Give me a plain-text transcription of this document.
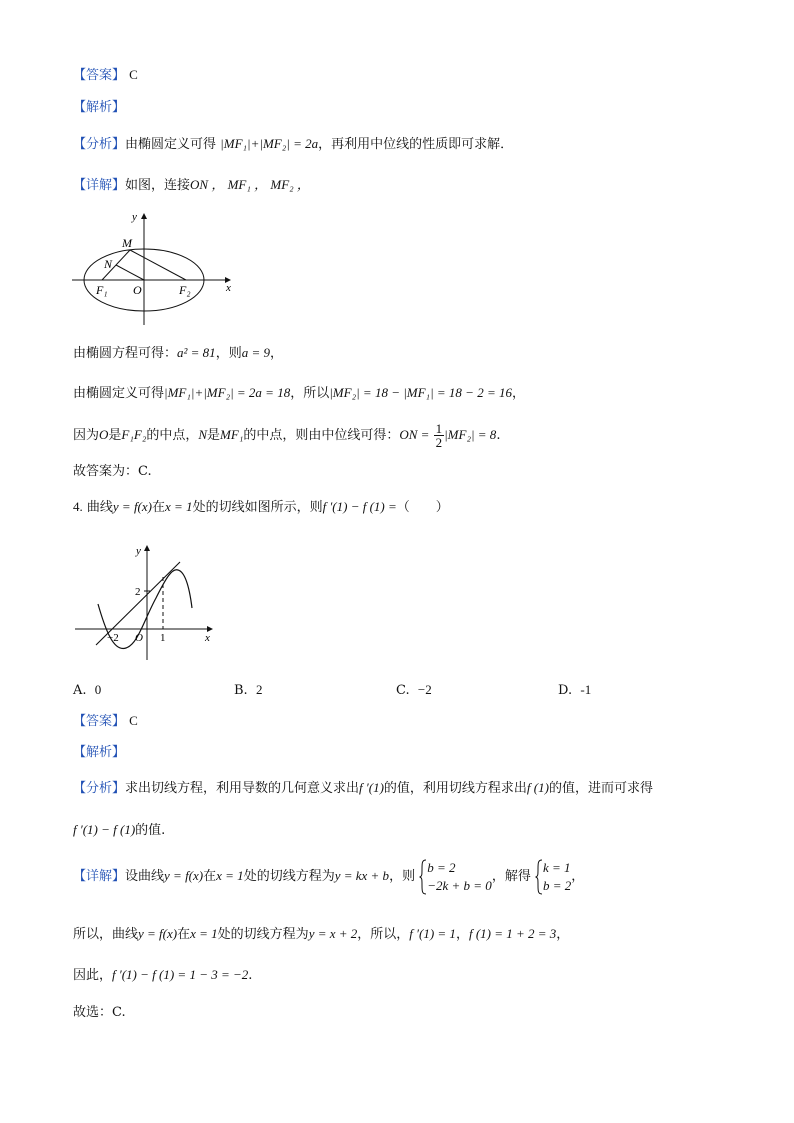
【答案】 C
【解析】
【分析】由椭圆定义可得 |MF₁|+|MF₂| = 2a，再利用中位线的性质即可求解．
【详解】如图，连接ON ， MF₁ ， MF₂ ，
y
x
M
N
F₁ O	F₂
由椭圆方程可得：a² = 81，则a = 9，
由椭圆定义可得|MF₁|+|MF₂| = 2a = 18，所以|MF₂| = 18 − |MF₁| = 18 − 2 = 16，
因为O是F₁F₂的中点，N是MF₁的中点，则由中位线可得：ON = $\frac{1}{2} |MF_2| = 8$.
故答案为：C.
4. 曲线y = f(x)在x = 1处的切线如图所示，则f ′(1) − f (1) =（　　）
y
x
2
−2 O 1
A. 0	B. 2	C. −2	D. -1
【答案】 C
【解析】
【分析】求出切线方程，利用导数的几何意义求出f ′(1)的值，利用切线方程求出f (1)的值，进而可求得
f ′(1) − f (1)的值.
【详解】设曲线y = f(x)在x = 1处的切线方程为y = kx + b，则
b = 2
−2k + b = 0
，解得
k = 1
b = 2
，
所以，曲线y = f(x)在x = 1处的切线方程为y = x + 2，所以，f ′(1) = 1，f (1) = 1 + 2 = 3，
因此，f ′(1) − f (1) = 1 − 3 = −2.
故选：C.
